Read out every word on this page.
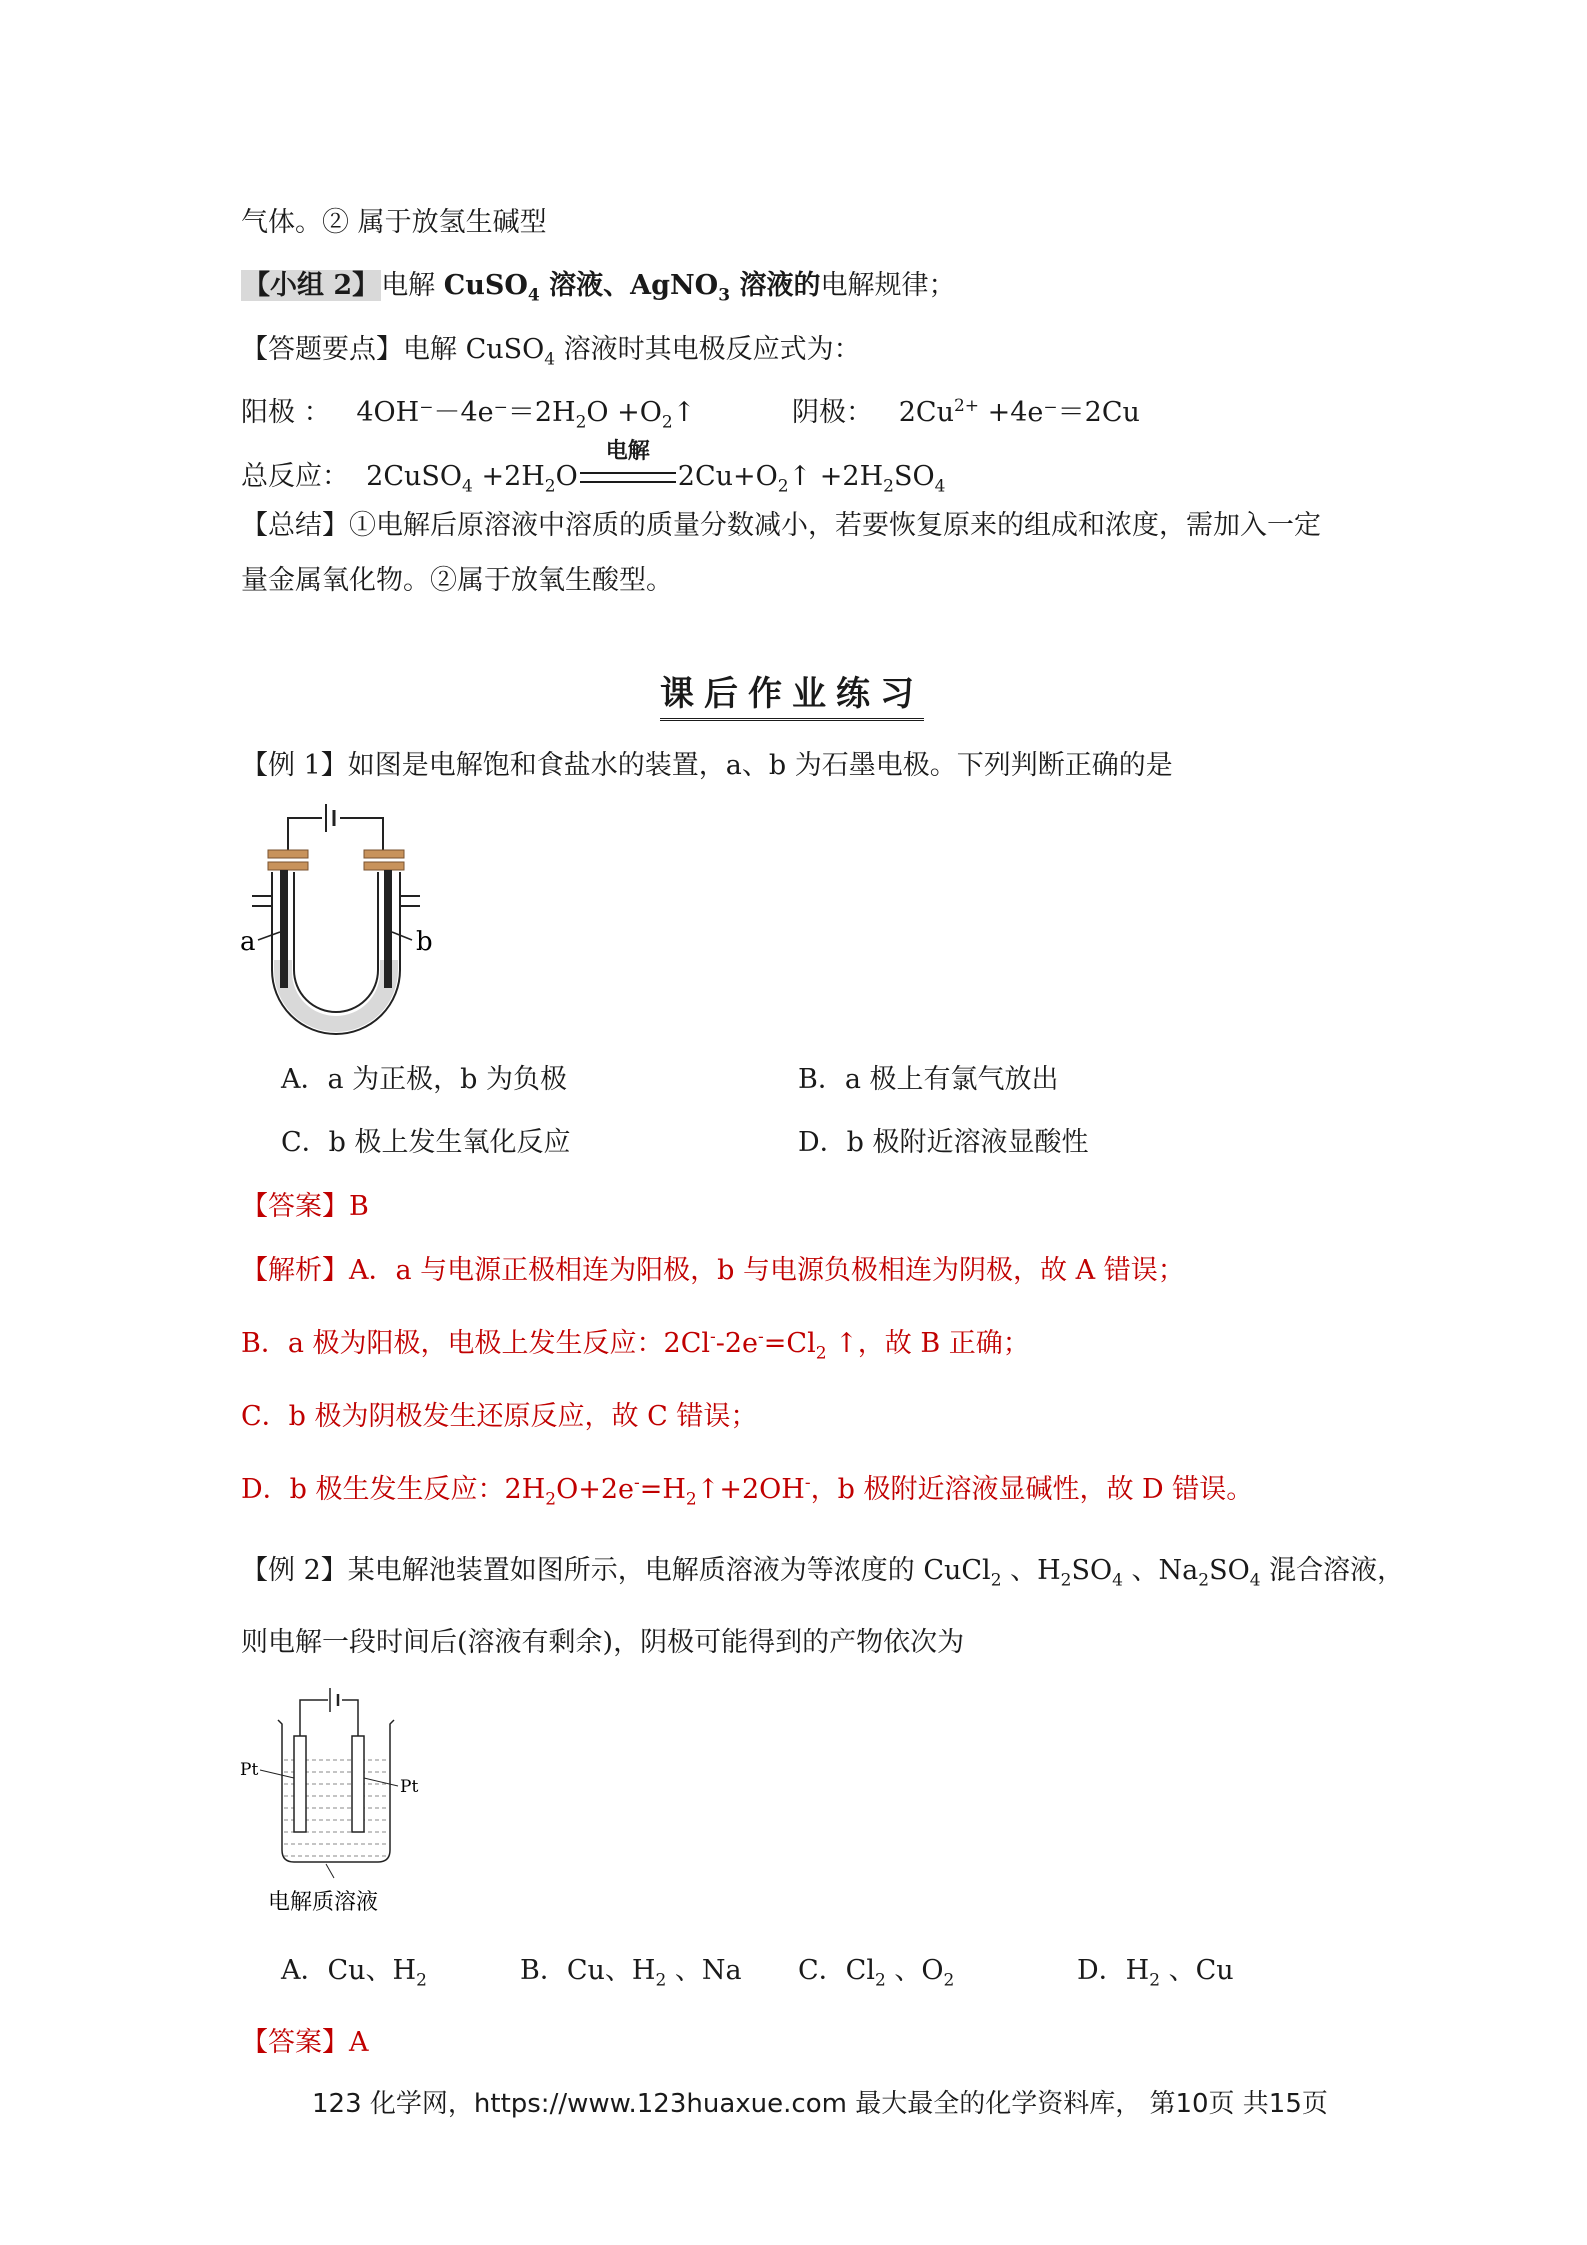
气体。② 属于放氢生碱型
【小组 2】电解 CuSO$_4$ 溶液、AgNO$_3$ 溶液的电解规律；
【答题要点】电解 CuSO$_4$ 溶液时其电极反应式为：
阳极 ： $4OH^--4e^-=2H_2O$ $+O_2↑$	阴极： $2Cu^{2+} +4e^-=2Cu$
总反应： 2CuSO$_4$ $+2H_2O$
电解
$2Cu+O_2↑ +2H_2SO_4$
【总结】①电解后原溶液中溶质的质量分数减小，若要恢复原来的组成和浓度，需加入一定
量金属氧化物。②属于放氧生酸型。
课后作业练习
【例 1】如图是电解饱和食盐水的装置，a、b 为石墨电极。下列判断正确的是
a	b
A．a 为正极，b 为负极	B．a 极上有氯气放出
C．b 极上发生氧化反应	D．b 极附近溶液显酸性
【答案】B
【解析】A．a 与电源正极相连为阳极，b 与电源负极相连为阴极，故 A 错误；
B．a 极为阳极，电极上发生反应：$2Cl^--2e^-=Cl_2$ ↑，故 B 正确；
C．b 极为阴极发生还原反应，故 C 错误；
D．b 极生发生反应：$2H_2O+2e^-=H_2↑+2OH^-$，b 极附近溶液显碱性，故 D 错误。
【例 2】某电解池装置如图所示，电解质溶液为等浓度的 CuCl$_2$ 、$H_2SO_4$ 、$Na_2SO_4$ 混合溶液，
则电解一段时间后(溶液有剩余)，阴极可能得到的产物依次为
Pt
Pt
电解质溶液
A．Cu、$H_2$	B．Cu、$H_2$ 、Na C．$Cl_2$ 、$O_2$	D．$H_2$ 、Cu
【答案】A
123 化学网，https://www.123huaxue.com 最大最全的化学资料库， 第10页 共15页
